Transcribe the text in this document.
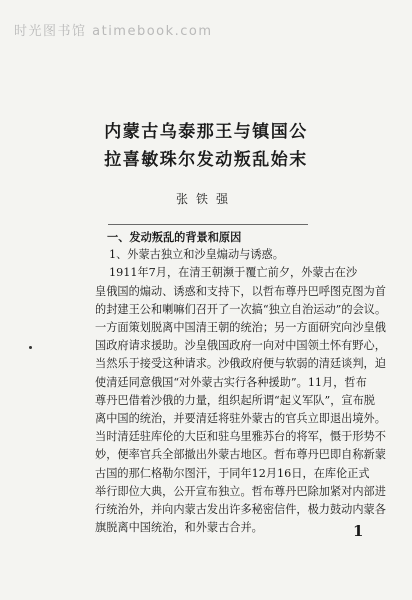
时光图书馆 atimebook.com
内蒙古乌泰那王与镇国公
拉喜敏珠尔发动叛乱始末
张铁强

一、发动叛乱的背景和原因

1、外蒙古独立和沙皇煽动与诱惑。

1911年7月，在清王朝濒于覆亡前夕，外蒙古在沙

皇俄国的煽动、诱惑和支持下，以哲布尊丹巴呼图克图为首

的封建王公和喇嘛们召开了一次搞“独立自治运动”的会议。

一方面策划脱离中国清王朝的统治；另一方面研究向沙皇俄

国政府请求援助。沙皇俄国政府一向对中国领土怀有野心，

当然乐于接受这种请求。沙俄政府便与软弱的清廷谈判，迫

使清廷同意俄国“对外蒙古实行各种援助”。11月，哲布

尊丹巴借着沙俄的力量，组织起所谓“起义军队”，宣布脱

离中国的统治，并要清廷将驻外蒙古的官兵立即退出境外。

当时清廷驻库伦的大臣和驻乌里雅苏台的将军，慑于形势不

妙，便率官兵全部撤出外蒙古地区。哲布尊丹巴即自称新蒙

古国的那仁格勒尔图汗，于同年12月16日，在库伦正式

举行即位大典，公开宣布独立。哲布尊丹巴除加紧对内部进

行统治外，并向内蒙古发出许多秘密信件，极力鼓动内蒙各

旗脱离中国统治，和外蒙古合并。	1
